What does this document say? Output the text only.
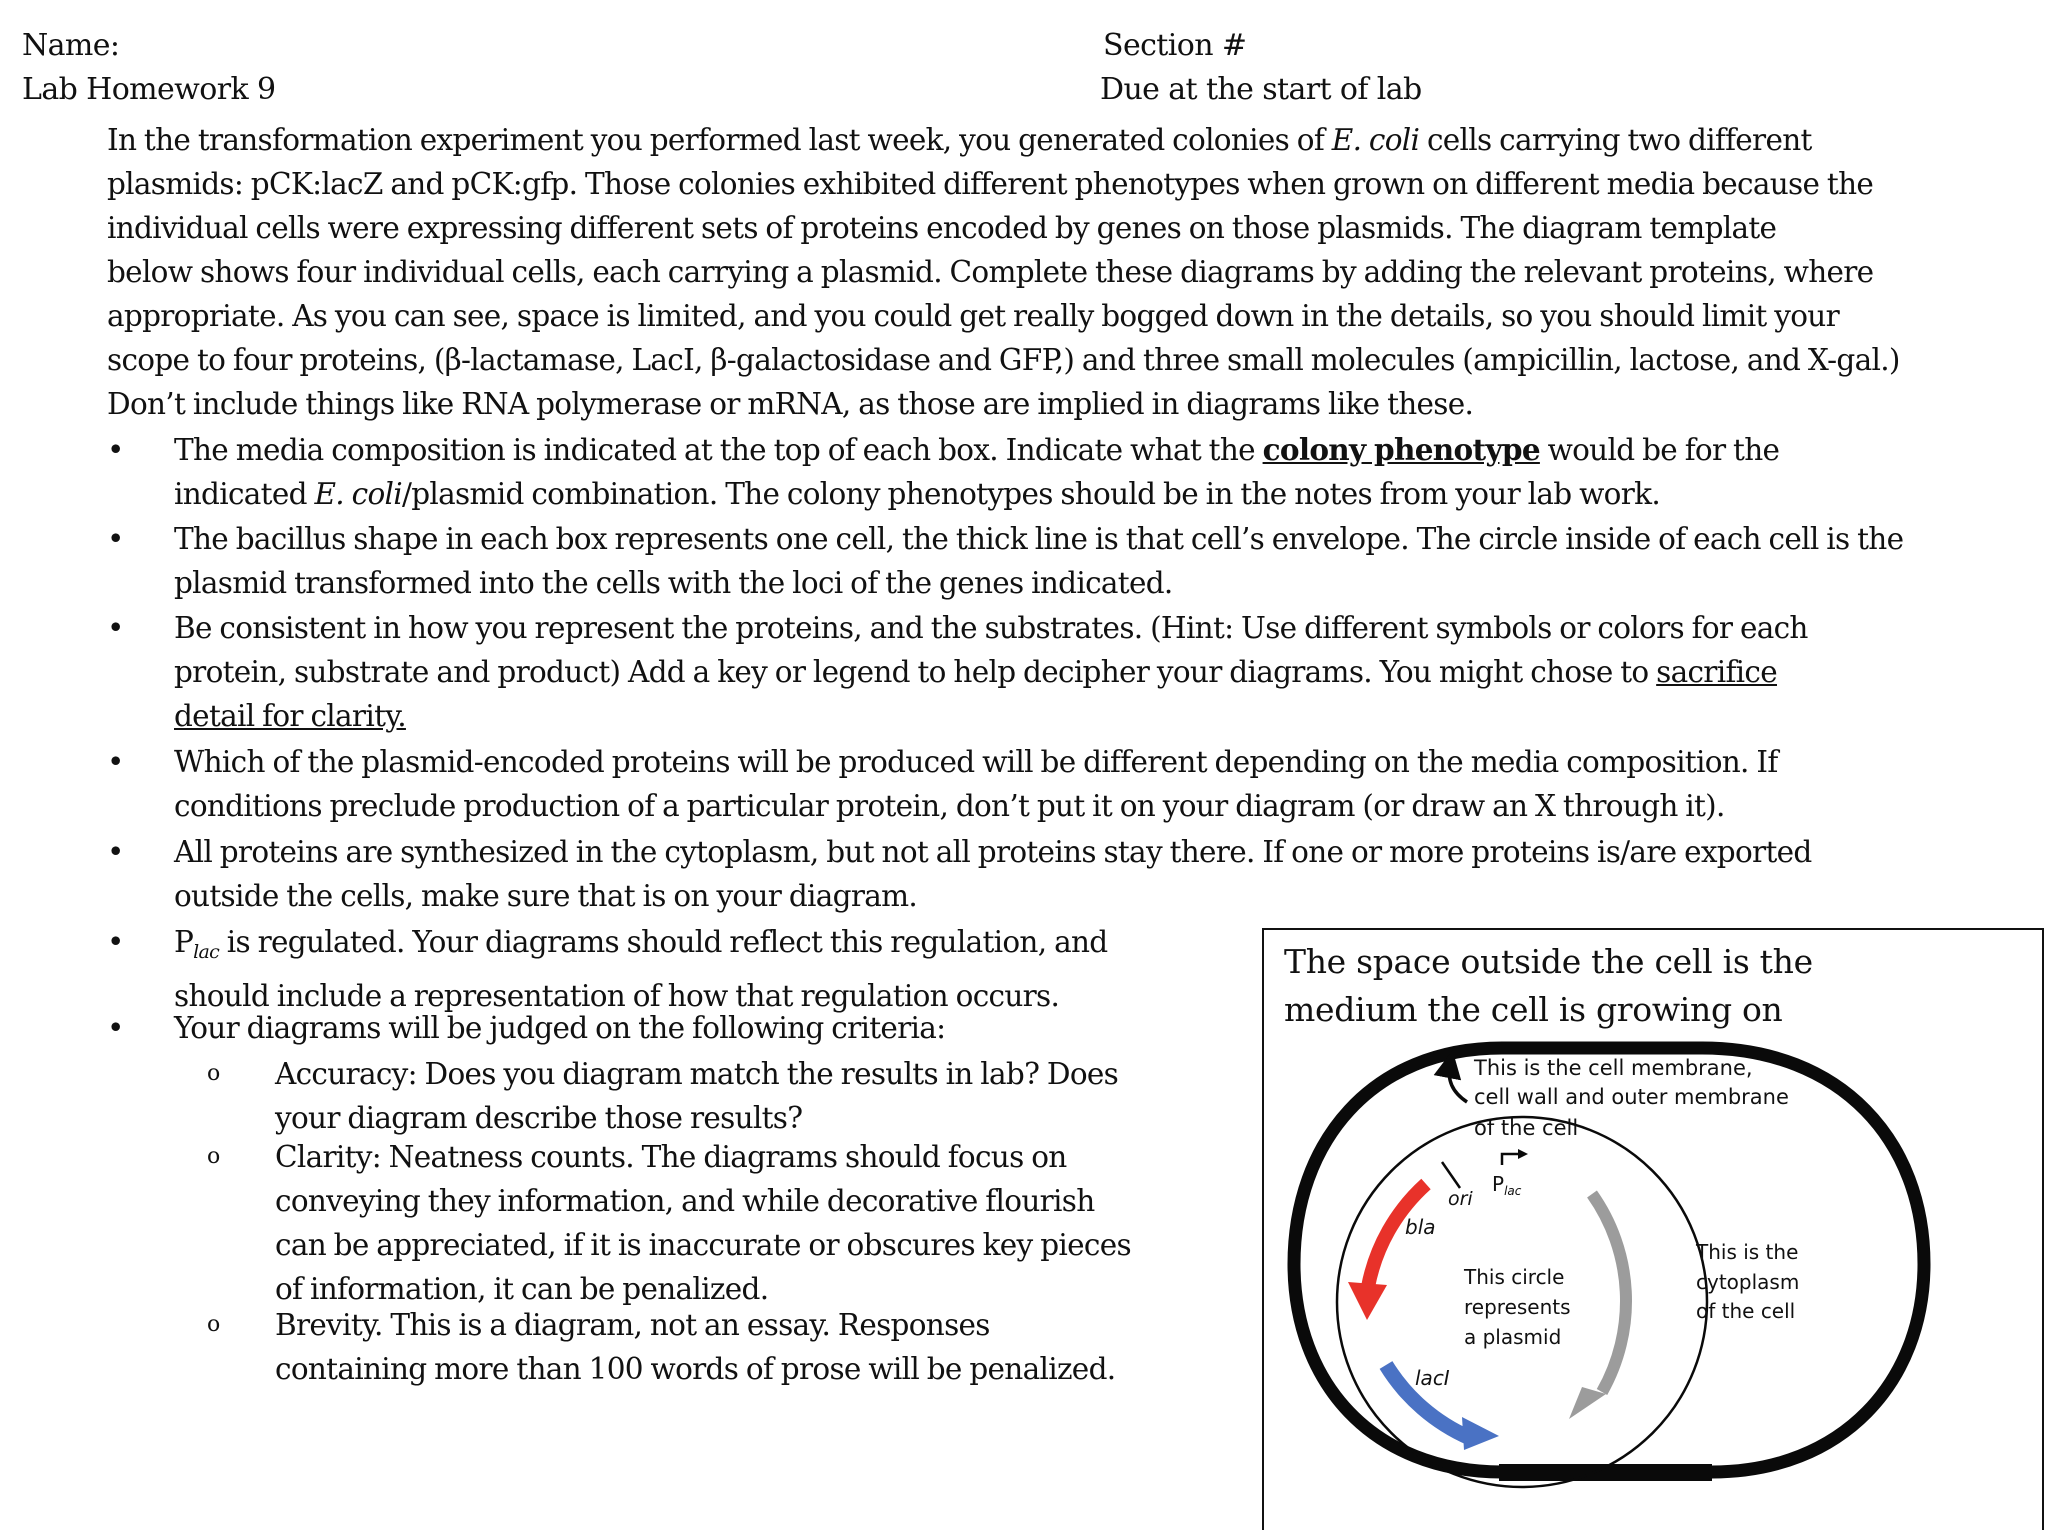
Name:	Section #
Lab Homework 9	Due at the start of lab
In the transformation experiment you performed last week, you generated colonies of E. coli cells carrying two different
plasmids: pCK:lacZ and pCK:gfp. Those colonies exhibited different phenotypes when grown on different media because the
individual cells were expressing different sets of proteins encoded by genes on those plasmids. The diagram template
below shows four individual cells, each carrying a plasmid. Complete these diagrams by adding the relevant proteins, where
appropriate. As you can see, space is limited, and you could get really bogged down in the details, so you should limit your
scope to four proteins, (β-lactamase, LacI, β-galactosidase and GFP,) and three small molecules (ampicillin, lactose, and X-gal.)
Don’t include things like RNA polymerase or mRNA, as those are implied in diagrams like these.
•	The media composition is indicated at the top of each box. Indicate what the colony phenotype would be for the
indicated E. coli/plasmid combination. The colony phenotypes should be in the notes from your lab work.
•	The bacillus shape in each box represents one cell, the thick line is that cell’s envelope. The circle inside of each cell is the
plasmid transformed into the cells with the loci of the genes indicated.
•	Be consistent in how you represent the proteins, and the substrates. (Hint: Use different symbols or colors for each
protein, substrate and product) Add a key or legend to help decipher your diagrams. You might chose to sacrifice
detail for clarity.
•	Which of the plasmid-encoded proteins will be produced will be different depending on the media composition. If
conditions preclude production of a particular protein, don’t put it on your diagram (or draw an X through it).
•	All proteins are synthesized in the cytoplasm, but not all proteins stay there. If one or more proteins is/are exported
outside the cells, make sure that is on your diagram.
•	$P_{lac}$ is regulated. Your diagrams should reflect this regulation, and
should include a representation of how that regulation occurs.
•	Your diagrams will be judged on the following criteria:
o	Accuracy: Does you diagram match the results in lab? Does
your diagram describe those results?
o	Clarity: Neatness counts. The diagrams should focus on
conveying they information, and while decorative flourish
can be appreciated, if it is inaccurate or obscures key pieces
of information, it can be penalized.
o	Brevity. This is a diagram, not an essay. Responses
containing more than 100 words of prose will be penalized.
The space outside the cell is the
medium the cell is growing on
This is the cell membrane, cell wall and outer membrane of the cell
ori
$P_{lac}$
bla
lacI
This circle represents a plasmid
This is the cytoplasm of the cell
